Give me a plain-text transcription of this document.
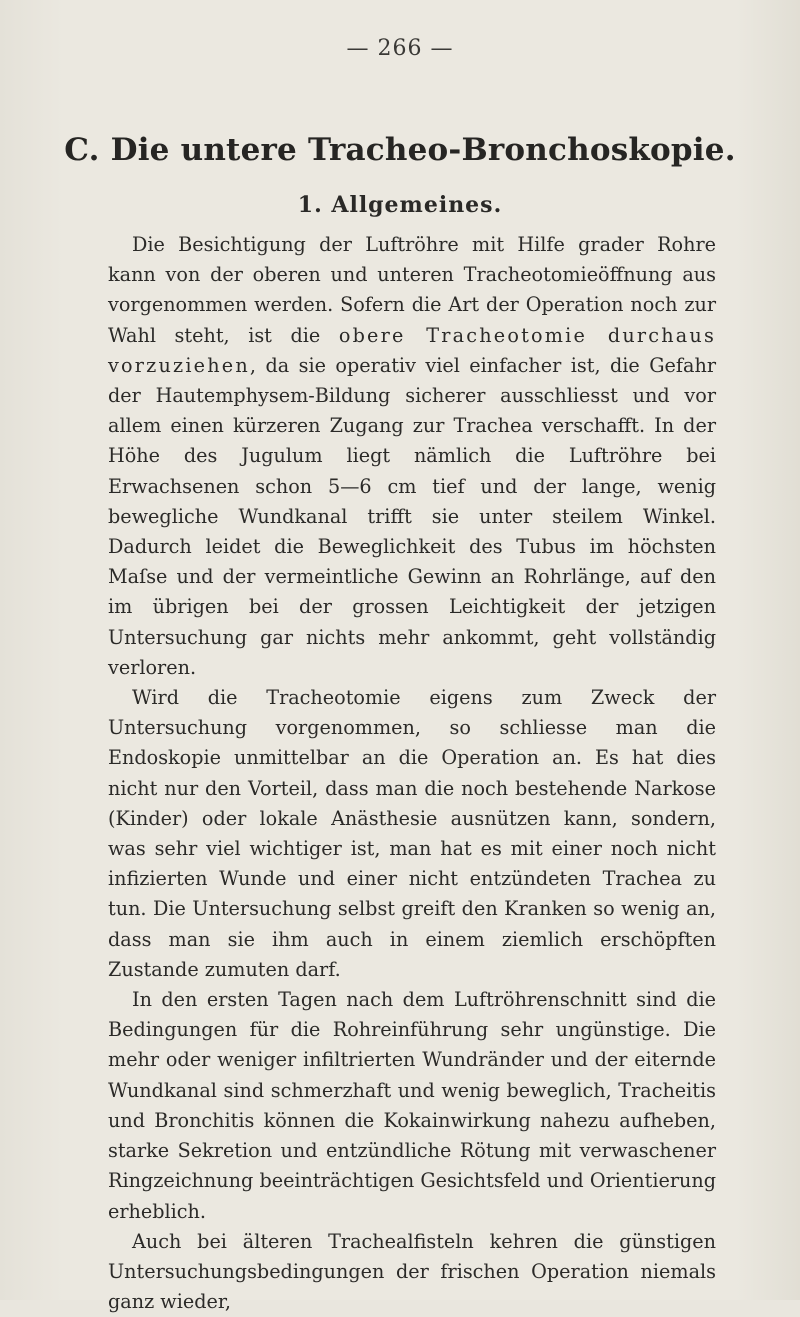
— 266 —
C. Die untere Tracheo-Bronchoskopie.
1. Allgemeines.

Die Besichtigung der Luftröhre mit Hilfe grader Rohre kann von der oberen und unteren Tracheotomieöffnung aus vorgenommen werden. Sofern die Art der Operation noch zur Wahl steht, ist die obere Tracheotomie durchaus vorzuziehen, da sie operativ viel einfacher ist, die Gefahr der Hautemphysem-Bildung sicherer ausschliesst und vor allem einen kürzeren Zugang zur Trachea verschafft. In der Höhe des Jugulum liegt nämlich die Luftröhre bei Erwachsenen schon 5—6 cm tief und der lange, wenig bewegliche Wundkanal trifft sie unter steilem Winkel. Dadurch leidet die Beweglichkeit des Tubus im höchsten Maſse und der vermeintliche Gewinn an Rohrlänge, auf den im übrigen bei der grossen Leichtigkeit der jetzigen Untersuchung gar nichts mehr ankommt, geht vollständig verloren.

Wird die Tracheotomie eigens zum Zweck der Untersuchung vorgenommen, so schliesse man die Endoskopie unmittelbar an die Operation an. Es hat dies nicht nur den Vorteil, dass man die noch bestehende Narkose (Kinder) oder lokale Anästhesie ausnützen kann, sondern, was sehr viel wichtiger ist, man hat es mit einer noch nicht infizierten Wunde und einer nicht entzündeten Trachea zu tun. Die Untersuchung selbst greift den Kranken so wenig an, dass man sie ihm auch in einem ziemlich erschöpften Zustande zumuten darf.

In den ersten Tagen nach dem Luftröhrenschnitt sind die Bedingungen für die Rohreinführung sehr ungünstige. Die mehr oder weniger infiltrierten Wundränder und der eiternde Wundkanal sind schmerzhaft und wenig beweglich, Tracheitis und Bronchitis können die Kokainwirkung nahezu aufheben, starke Sekretion und entzündliche Rötung mit verwaschener Ringzeichnung beeinträchtigen Gesichtsfeld und Orientierung erheblich.

Auch bei älteren Trachealfisteln kehren die günstigen Untersuchungsbedingungen der frischen Operation niemals ganz wieder,
